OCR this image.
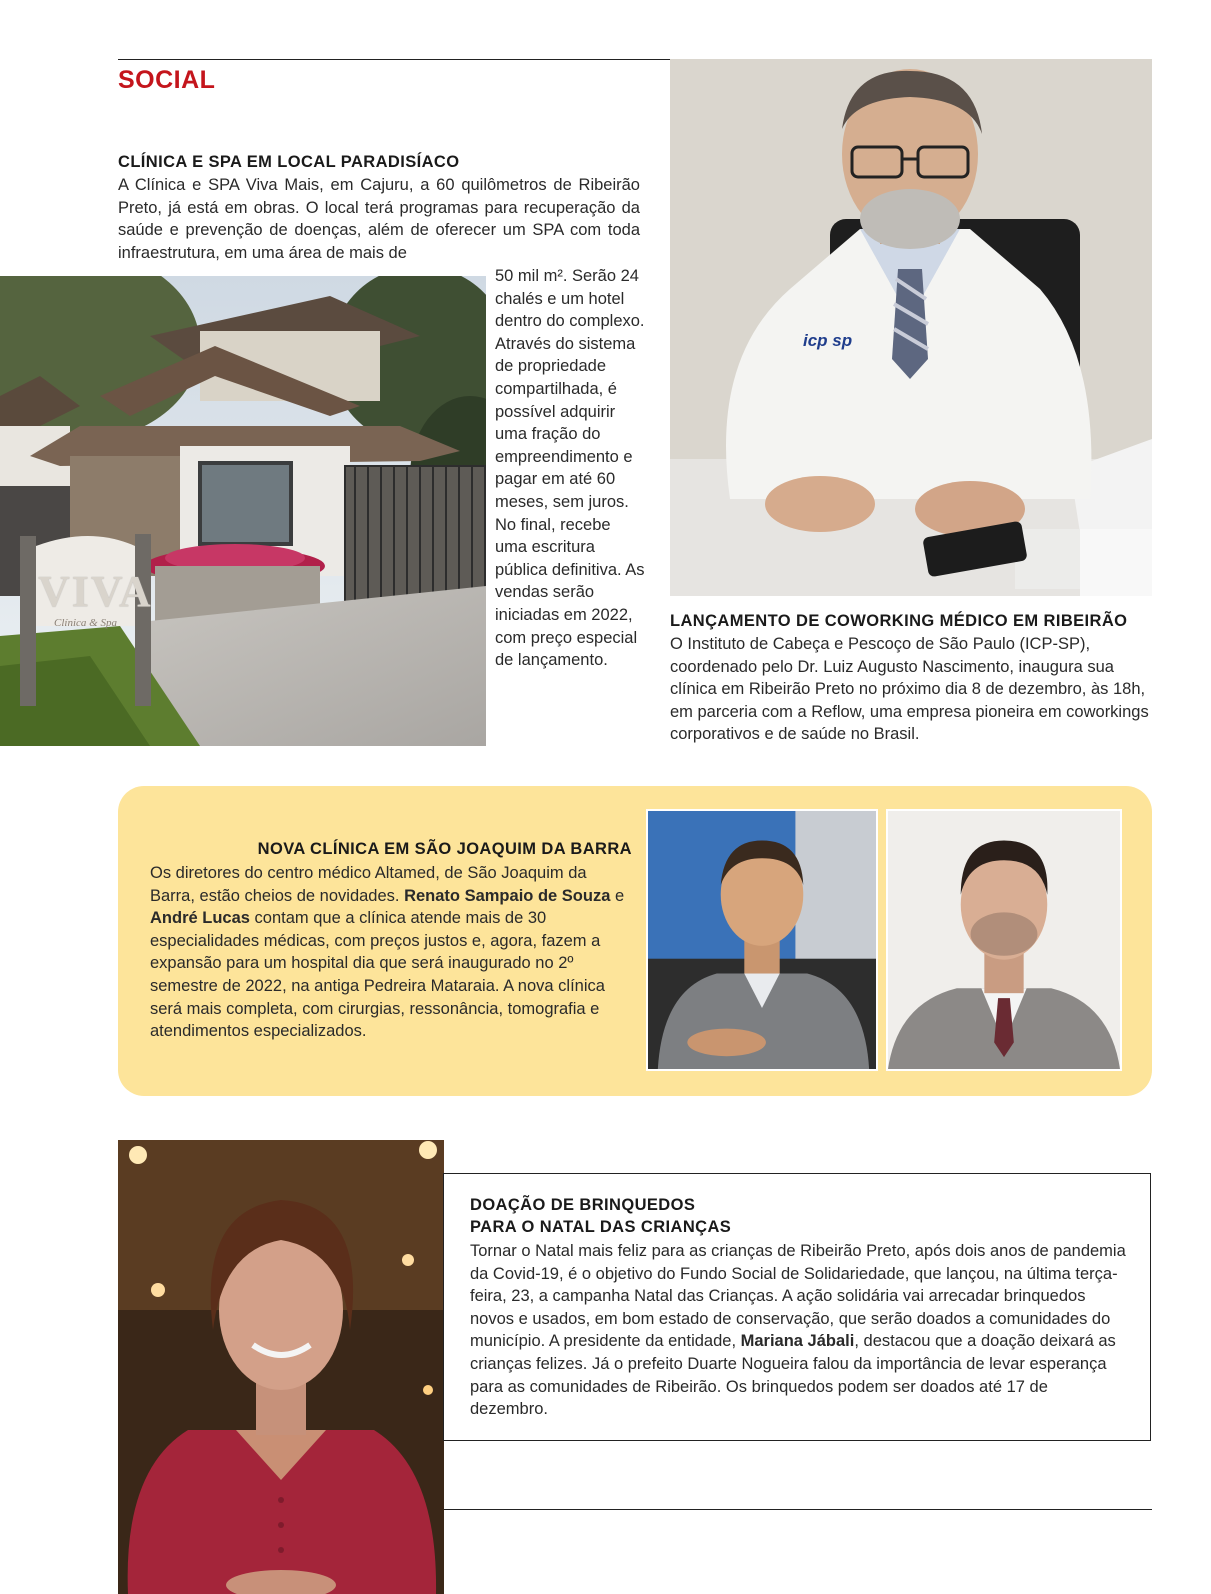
SOCIAL
CLÍNICA E SPA EM LOCAL PARADISÍACO

A Clínica e SPA Viva Mais, em Cajuru, a 60 quilômetros de Ribeirão Preto, já está em obras. O local terá programas para recuperação da saúde e prevenção de doenças, além de oferecer um SPA com toda infraestrutura, em uma área de mais de

50 mil m². Serão 24 chalés e um hotel dentro do complexo. Através do sistema de propriedade compartilhada, é possível adquirir uma fração do empreendimento e pagar em até 60 meses, sem juros. No final, recebe uma escritura pública definitiva. As vendas serão iniciadas em 2022, com preço especial de lançamento.

VIVA
Clínica & Spa
icp sp
LANÇAMENTO DE COWORKING MÉDICO EM RIBEIRÃO

O Instituto de Cabeça e Pescoço de São Paulo (ICP-SP), coordenado pelo Dr. Luiz Augusto Nascimento, inaugura sua clínica em Ribeirão Preto no próximo dia 8 de dezembro, às 18h, em parceria com a Reflow, uma empresa pioneira em coworkings corporativos e de saúde no Brasil.

NOVA CLÍNICA EM SÃO JOAQUIM DA BARRA

Os diretores do centro médico Altamed, de São Joaquim da Barra, estão cheios de novidades. Renato Sampaio de Souza e André Lucas contam que a clínica atende mais de 30 especialidades médicas, com preços justos e, agora, fazem a expansão para um hospital dia que será inaugurado no 2º semestre de 2022, na antiga Pedreira Mataraia. A nova clínica será mais completa, com cirurgias, ressonância, tomografia e atendimentos especializados.

DOAÇÃO DE BRINQUEDOS
PARA O NATAL DAS CRIANÇAS

Tornar o Natal mais feliz para as crianças de Ribeirão Preto, após dois anos de pandemia da Covid-19, é o objetivo do Fundo Social de Solidariedade, que lançou, na última terça-feira, 23, a campanha Natal das Crianças. A ação solidária vai arrecadar brinquedos novos e usados, em bom estado de conservação, que serão doados a comunidades do município. A presidente da entidade, Mariana Jábali, destacou que a doação deixará as crianças felizes. Já o prefeito Duarte Nogueira falou da importância de levar esperança para as comunidades de Ribeirão. Os brinquedos podem ser doados até 17 de dezembro.
